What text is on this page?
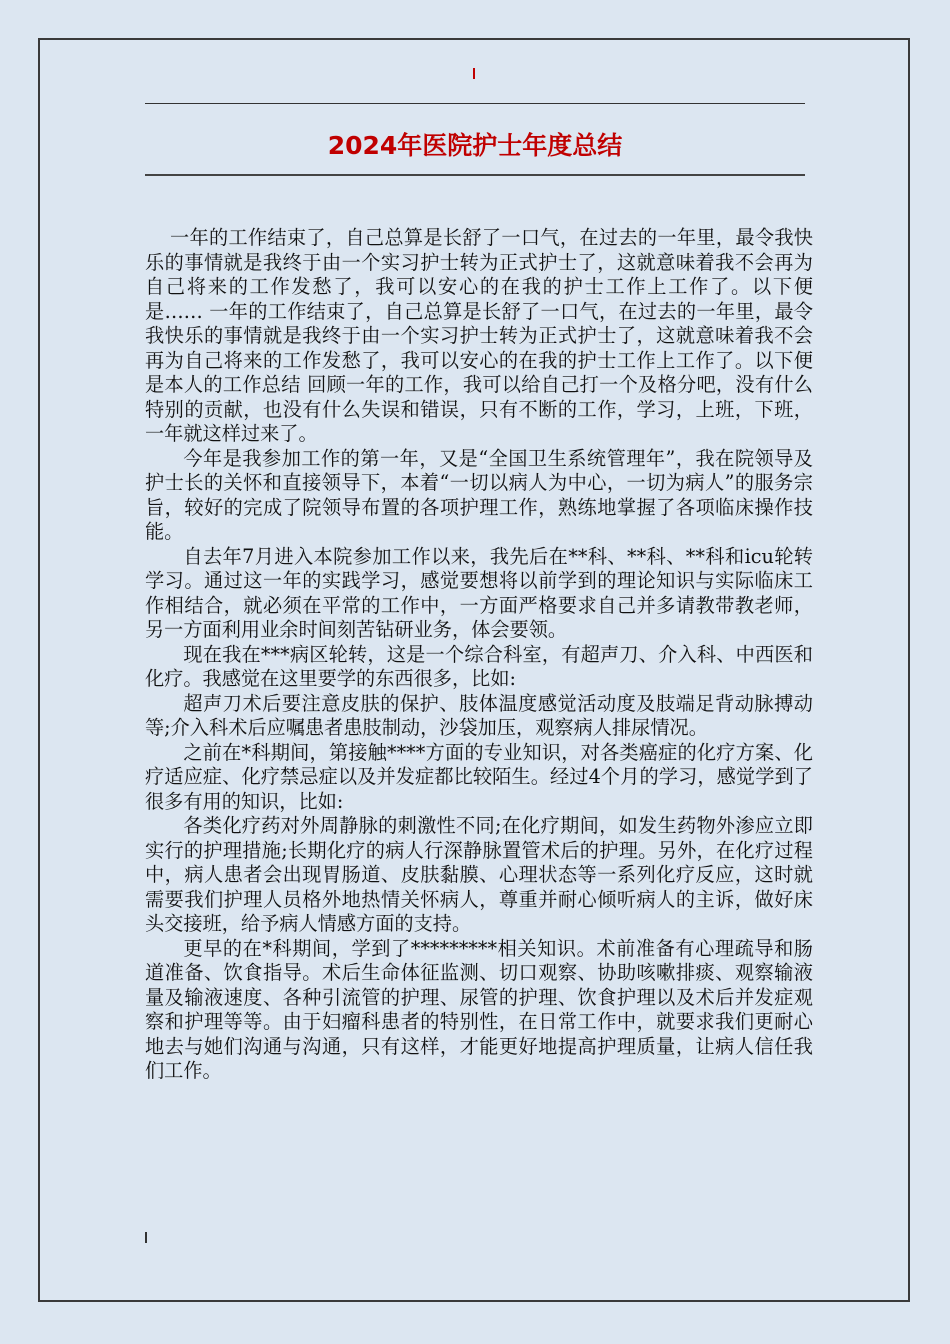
2024年医院护士年度总结

一年的工作结束了，自己总算是长舒了一口气，在过去的一年里，最令我快乐的事情就是我终于由一个实习护士转为正式护士了，这就意味着我不会再为自己将来的工作发愁了，我可以安心的在我的护士工作上工作了。以下便是…… 一年的工作结束了，自己总算是长舒了一口气，在过去的一年里，最令我快乐的事情就是我终于由一个实习护士转为正式护士了，这就意味着我不会再为自己将来的工作发愁了，我可以安心的在我的护士工作上工作了。以下便是本人的工作总结 回顾一年的工作，我可以给自己打一个及格分吧，没有什么特别的贡献，也没有什么失误和错误，只有不断的工作，学习，上班，下班，一年就这样过来了。

今年是我参加工作的第一年，又是“全国卫生系统管理年”，我在院领导及护士长的关怀和直接领导下，本着“一切以病人为中心，一切为病人”的服务宗旨，较好的完成了院领导布置的各项护理工作，熟练地掌握了各项临床操作技能。

自去年7月进入本院参加工作以来，我先后在**科、**科、**科和icu轮转学习。通过这一年的实践学习，感觉要想将以前学到的理论知识与实际临床工作相结合，就必须在平常的工作中，一方面严格要求自己并多请教带教老师，另一方面利用业余时间刻苦钻研业务，体会要领。

现在我在***病区轮转，这是一个综合科室，有超声刀、介入科、中西医和化疗。我感觉在这里要学的东西很多，比如:

超声刀术后要注意皮肤的保护、肢体温度感觉活动度及肢端足背动脉搏动等;介入科术后应嘱患者患肢制动，沙袋加压，观察病人排尿情况。

之前在*科期间，第接触****方面的专业知识，对各类癌症的化疗方案、化疗适应症、化疗禁忌症以及并发症都比较陌生。经过4个月的学习，感觉学到了很多有用的知识，比如:

各类化疗药对外周静脉的刺激性不同;在化疗期间，如发生药物外渗应立即实行的护理措施;长期化疗的病人行深静脉置管术后的护理。另外，在化疗过程中，病人患者会出现胃肠道、皮肤黏膜、心理状态等一系列化疗反应，这时就需要我们护理人员格外地热情关怀病人，尊重并耐心倾听病人的主诉，做好床头交接班，给予病人情感方面的支持。

更早的在*科期间，学到了*********相关知识。术前准备有心理疏导和肠道准备、饮食指导。术后生命体征监测、切口观察、协助咳嗽排痰、观察输液量及输液速度、各种引流管的护理、尿管的护理、饮食护理以及术后并发症观察和护理等等。由于妇瘤科患者的特别性，在日常工作中，就要求我们更耐心地去与她们沟通与沟通，只有这样，才能更好地提高护理质量，让病人信任我们工作。
